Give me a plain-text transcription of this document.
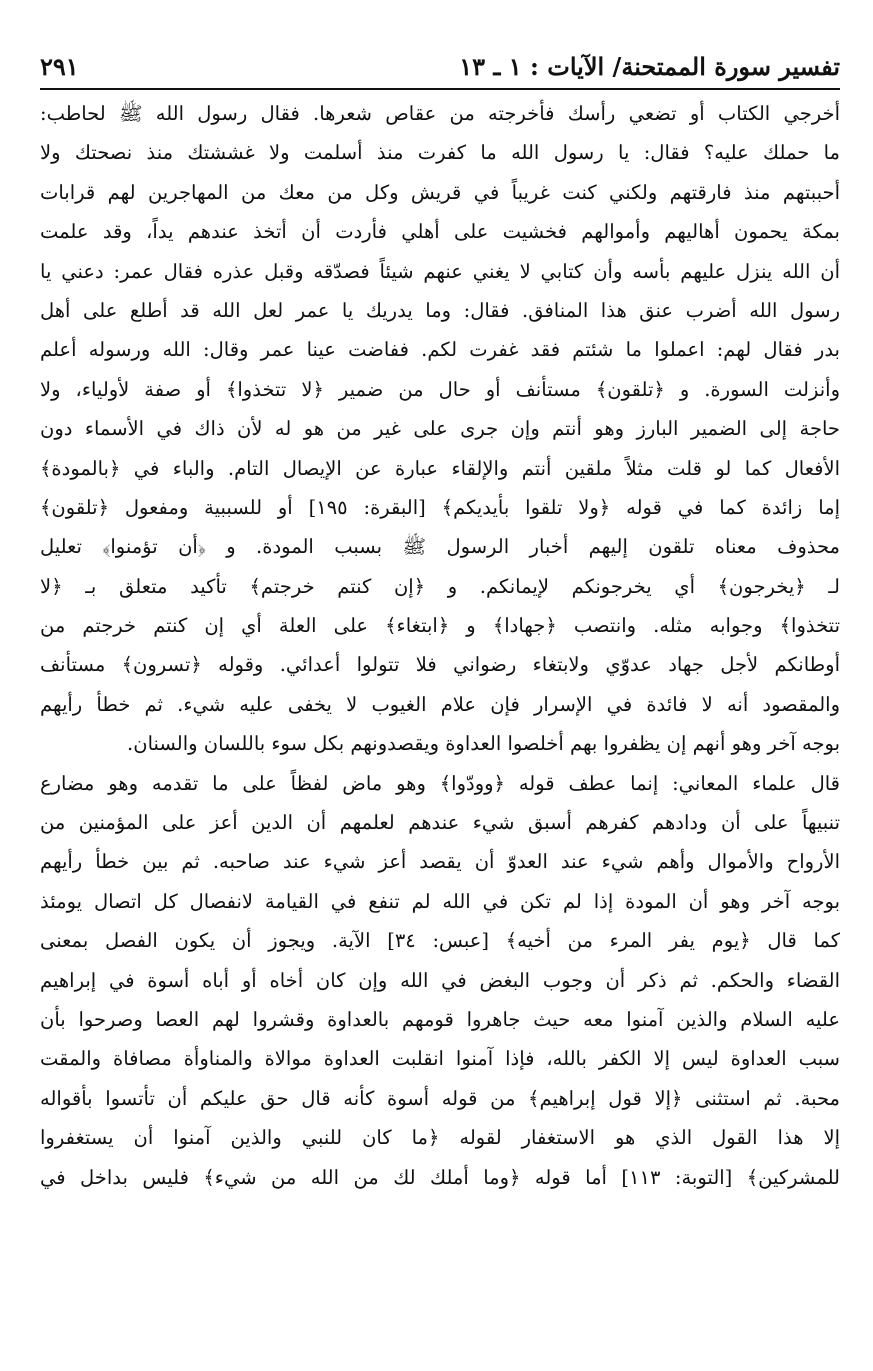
تفسير سورة الممتحنة/ الآيات : ١ ـ ١٣
٢٩١
أخرجي الكتاب أو تضعي رأسك فأخرجته من عقاص شعرها. فقال رسول الله ﷺ لحاطب:
ما حملك عليه؟ فقال: يا رسول الله ما كفرت منذ أسلمت ولا غششتك منذ نصحتك ولا
أحببتهم منذ فارقتهم ولكني كنت غريباً في قريش وكل من معك من المهاجرين لهم قرابات
بمكة يحمون أهاليهم وأموالهم فخشيت على أهلي فأردت أن أتخذ عندهم يداً، وقد علمت
أن الله ينزل عليهم بأسه وأن كتابي لا يغني عنهم شيئاً فصدّقه وقبل عذره فقال عمر: دعني يا
رسول الله أضرب عنق هذا المنافق. فقال: وما يدريك يا عمر لعل الله قد أطلع على أهل
بدر فقال لهم: اعملوا ما شئتم فقد غفرت لكم. ففاضت عينا عمر وقال: الله ورسوله أعلم
وأنزلت السورة. و ﴿تلقون﴾ مستأنف أو حال من ضمير ﴿لا تتخذوا﴾ أو صفة لأولياء، ولا
حاجة إلى الضمير البارز وهو أنتم وإن جرى على غير من هو له لأن ذاك في الأسماء دون
الأفعال كما لو قلت مثلاً ملقين أنتم والإلقاء عبارة عن الإيصال التام. والباء في ﴿بالمودة﴾
إما زائدة كما في قوله ﴿ولا تلقوا بأيديكم﴾ [البقرة: ١٩٥] أو للسببية ومفعول ﴿تلقون﴾
محذوف معناه تلقون إليهم أخبار الرسول ﷺ بسبب المودة. و ﴿أن تؤمنوا﴾ تعليل
لـ ﴿يخرجون﴾ أي يخرجونكم لإيمانكم. و ﴿إن كنتم خرجتم﴾ تأكيد متعلق بـ ﴿لا
تتخذوا﴾ وجوابه مثله. وانتصب ﴿جهادا﴾ و ﴿ابتغاء﴾ على العلة أي إن كنتم خرجتم من
أوطانكم لأجل جهاد عدوّي ولابتغاء رضواني فلا تتولوا أعدائي. وقوله ﴿تسرون﴾ مستأنف
والمقصود أنه لا فائدة في الإسرار فإن علام الغيوب لا يخفى عليه شيء. ثم خطأ رأيهم
بوجه آخر وهو أنهم إن يظفروا بهم أخلصوا العداوة ويقصدونهم بكل سوء باللسان والسنان.
قال علماء المعاني: إنما عطف قوله ﴿وودّوا﴾ وهو ماض لفظاً على ما تقدمه وهو مضارع
تنبيهاً على أن ودادهم كفرهم أسبق شيء عندهم لعلمهم أن الدين أعز على المؤمنين من
الأرواح والأموال وأهم شيء عند العدوّ أن يقصد أعز شيء عند صاحبه. ثم بين خطأ رأيهم
بوجه آخر وهو أن المودة إذا لم تكن في الله لم تنفع في القيامة لانفصال كل اتصال يومئذ
كما قال ﴿يوم يفر المرء من أخيه﴾ [عبس: ٣٤] الآية. ويجوز أن يكون الفصل بمعنى
القضاء والحكم. ثم ذكر أن وجوب البغض في الله وإن كان أخاه أو أباه أسوة في إبراهيم
عليه السلام والذين آمنوا معه حيث جاهروا قومهم بالعداوة وقشروا لهم العصا وصرحوا بأن
سبب العداوة ليس إلا الكفر بالله، فإذا آمنوا انقلبت العداوة موالاة والمناوأة مصافاة والمقت
محبة. ثم استثنى ﴿إلا قول إبراهيم﴾ من قوله أسوة كأنه قال حق عليكم أن تأتسوا بأقواله
إلا هذا القول الذي هو الاستغفار لقوله ﴿ما كان للنبي والذين آمنوا أن يستغفروا
للمشركين﴾ [التوبة: ١١٣] أما قوله ﴿وما أملك لك من الله من شيء﴾ فليس بداخل في
